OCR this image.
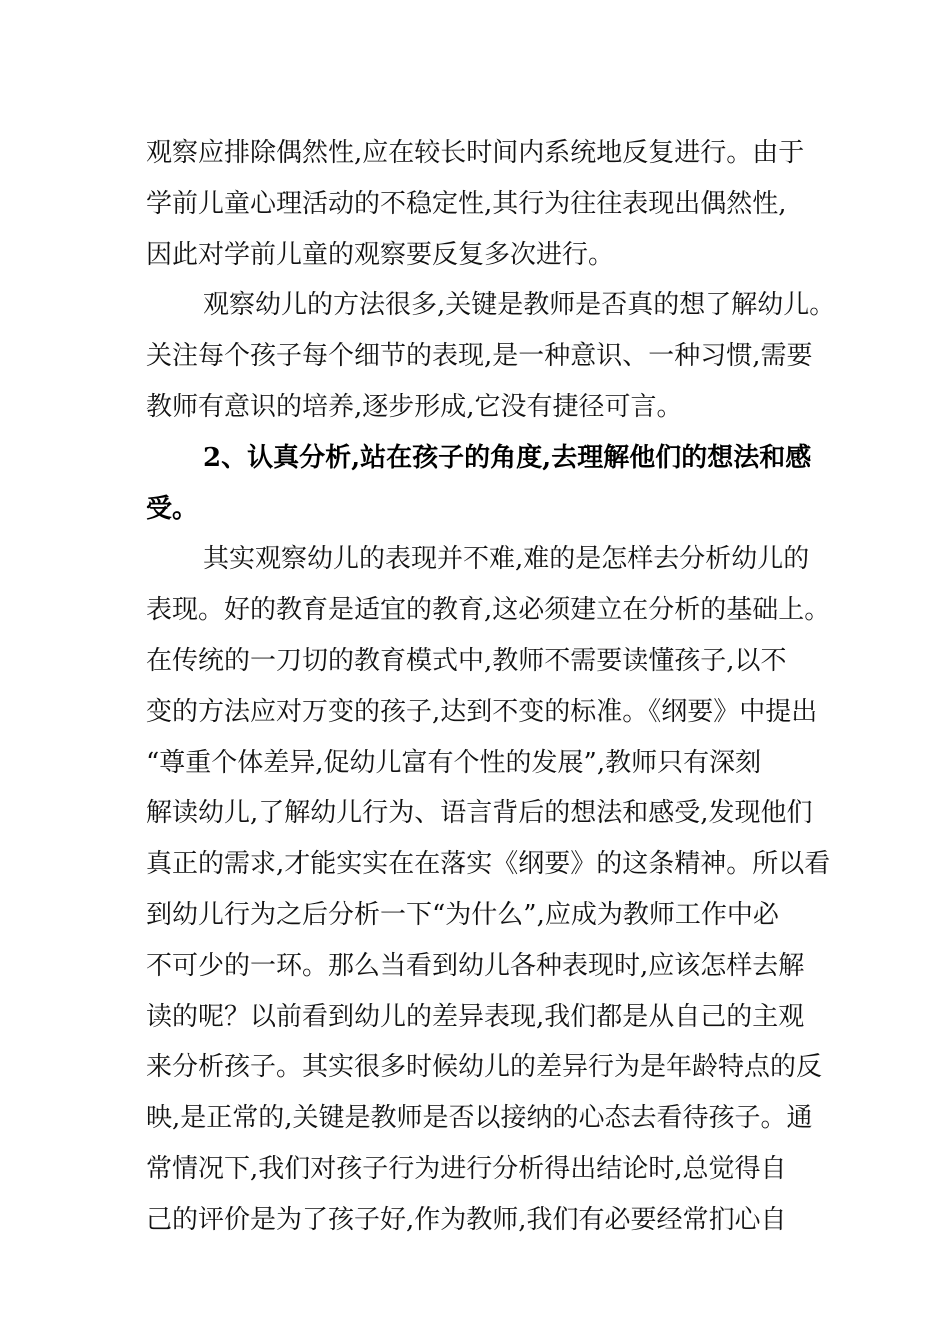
观察应排除偶然性,应在较长时间内系统地反复进行。由于
学前儿童心理活动的不稳定性,其行为往往表现出偶然性,
因此对学前儿童的观察要反复多次进行。
观察幼儿的方法很多,关键是教师是否真的想了解幼儿。
关注每个孩子每个细节的表现,是一种意识、一种习惯,需要
教师有意识的培养,逐步形成,它没有捷径可言。
2、认真分析,站在孩子的角度,去理解他们的想法和感
受。
其实观察幼儿的表现并不难,难的是怎样去分析幼儿的
表现。好的教育是适宜的教育,这必须建立在分析的基础上。
在传统的一刀切的教育模式中,教师不需要读懂孩子,以不
变的方法应对万变的孩子,达到不变的标准。《纲要》中提出
“尊重个体差异,促幼儿富有个性的发展”,教师只有深刻
解读幼儿,了解幼儿行为、语言背后的想法和感受,发现他们
真正的需求,才能实实在在落实《纲要》的这条精神。所以看
到幼儿行为之后分析一下“为什么”,应成为教师工作中必
不可少的一环。那么当看到幼儿各种表现时,应该怎样去解
读的呢？以前看到幼儿的差异表现,我们都是从自己的主观
来分析孩子。其实很多时候幼儿的差异行为是年龄特点的反
映,是正常的,关键是教师是否以接纳的心态去看待孩子。通
常情况下,我们对孩子行为进行分析得出结论时,总觉得自
己的评价是为了孩子好,作为教师,我们有必要经常扪心自
